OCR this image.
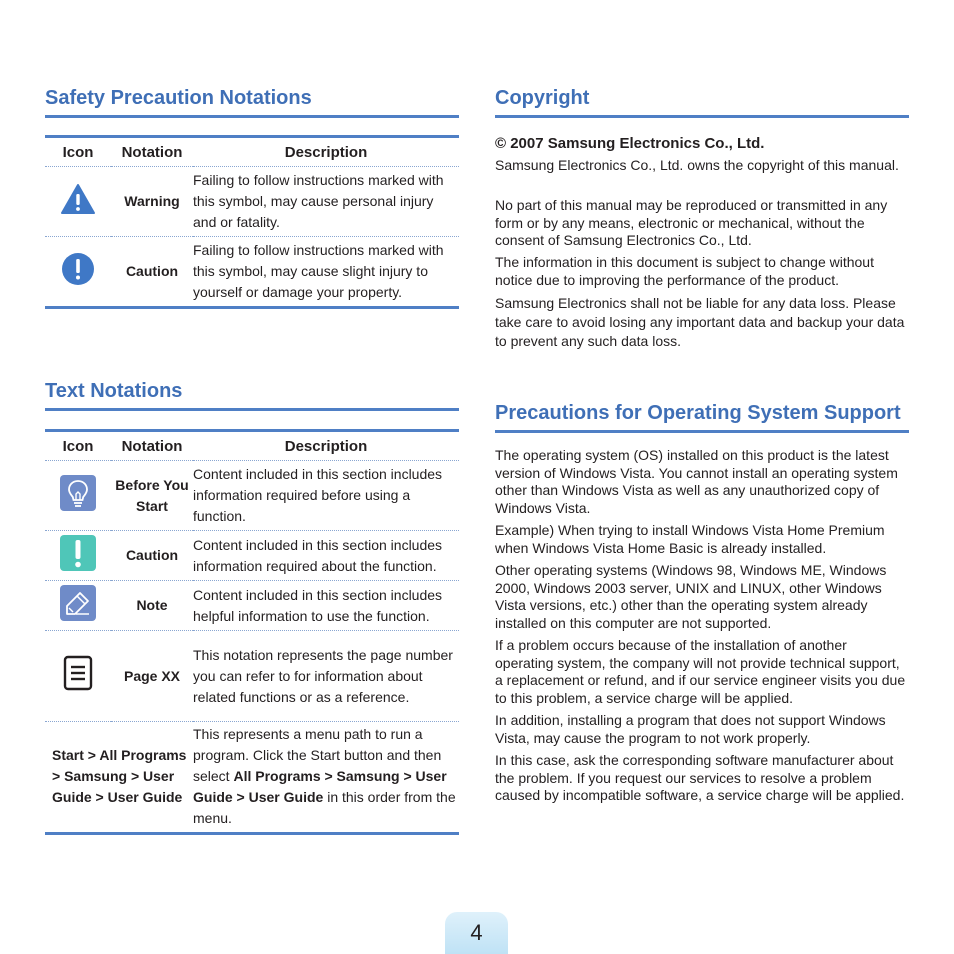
Safety Precaution Notations
Icon	Notation	Description
	Warning	Failing to follow instructions marked with this symbol, may cause personal injury and or fatality.
	Caution	Failing to follow instructions marked with this symbol, may cause slight injury to yourself or damage your property.
Text Notations
Icon	Notation	Description
	Before You Start	Content included in this section includes information required before using a function.
	Caution	Content included in this section includes information required about the function.
	Note	Content included in this section includes helpful information to use the function.
	Page XX	This notation represents the page number you can refer to for information about related functions or as a reference.
Start > All Programs > Samsung > User Guide > User Guide		This represents a menu path to run a program. Click the Start button and then select All Programs > Samsung > User Guide > User Guide in this order from the menu.
Copyright
© 2007 Samsung Electronics Co., Ltd.

Samsung Electronics Co., Ltd. owns the copyright of this manual.

No part of this manual may be reproduced or transmitted in any form or by any means, electronic or mechanical, without the consent of Samsung Electronics Co., Ltd.

The information in this document is subject to change without notice due to improving the performance of the product.

Samsung Electronics shall not be liable for any data loss. Please take care to avoid losing any important data and backup your data to prevent any such data loss.

Precautions for Operating System Support

The operating system (OS) installed on this product is the latest version of Windows Vista. You cannot install an operating system other than Windows Vista as well as any unauthorized copy of Windows Vista.

Example) When trying to install Windows Vista Home Premium when Windows Vista Home Basic is already installed.

Other operating systems (Windows 98, Windows ME, Windows 2000, Windows 2003 server, UNIX and LINUX, other Windows Vista versions, etc.) other than the operating system already installed on this computer are not supported.

If a problem occurs because of the installation of another operating system, the company will not provide technical support, a replacement or refund, and if our service engineer visits you due to this problem, a service charge will be applied.

In addition, installing a program that does not support Windows Vista, may cause the program to not work properly.

In this case, ask the corresponding software manufacturer about the problem. If you request our services to resolve a problem caused by incompatible software, a service charge will be applied.

4
